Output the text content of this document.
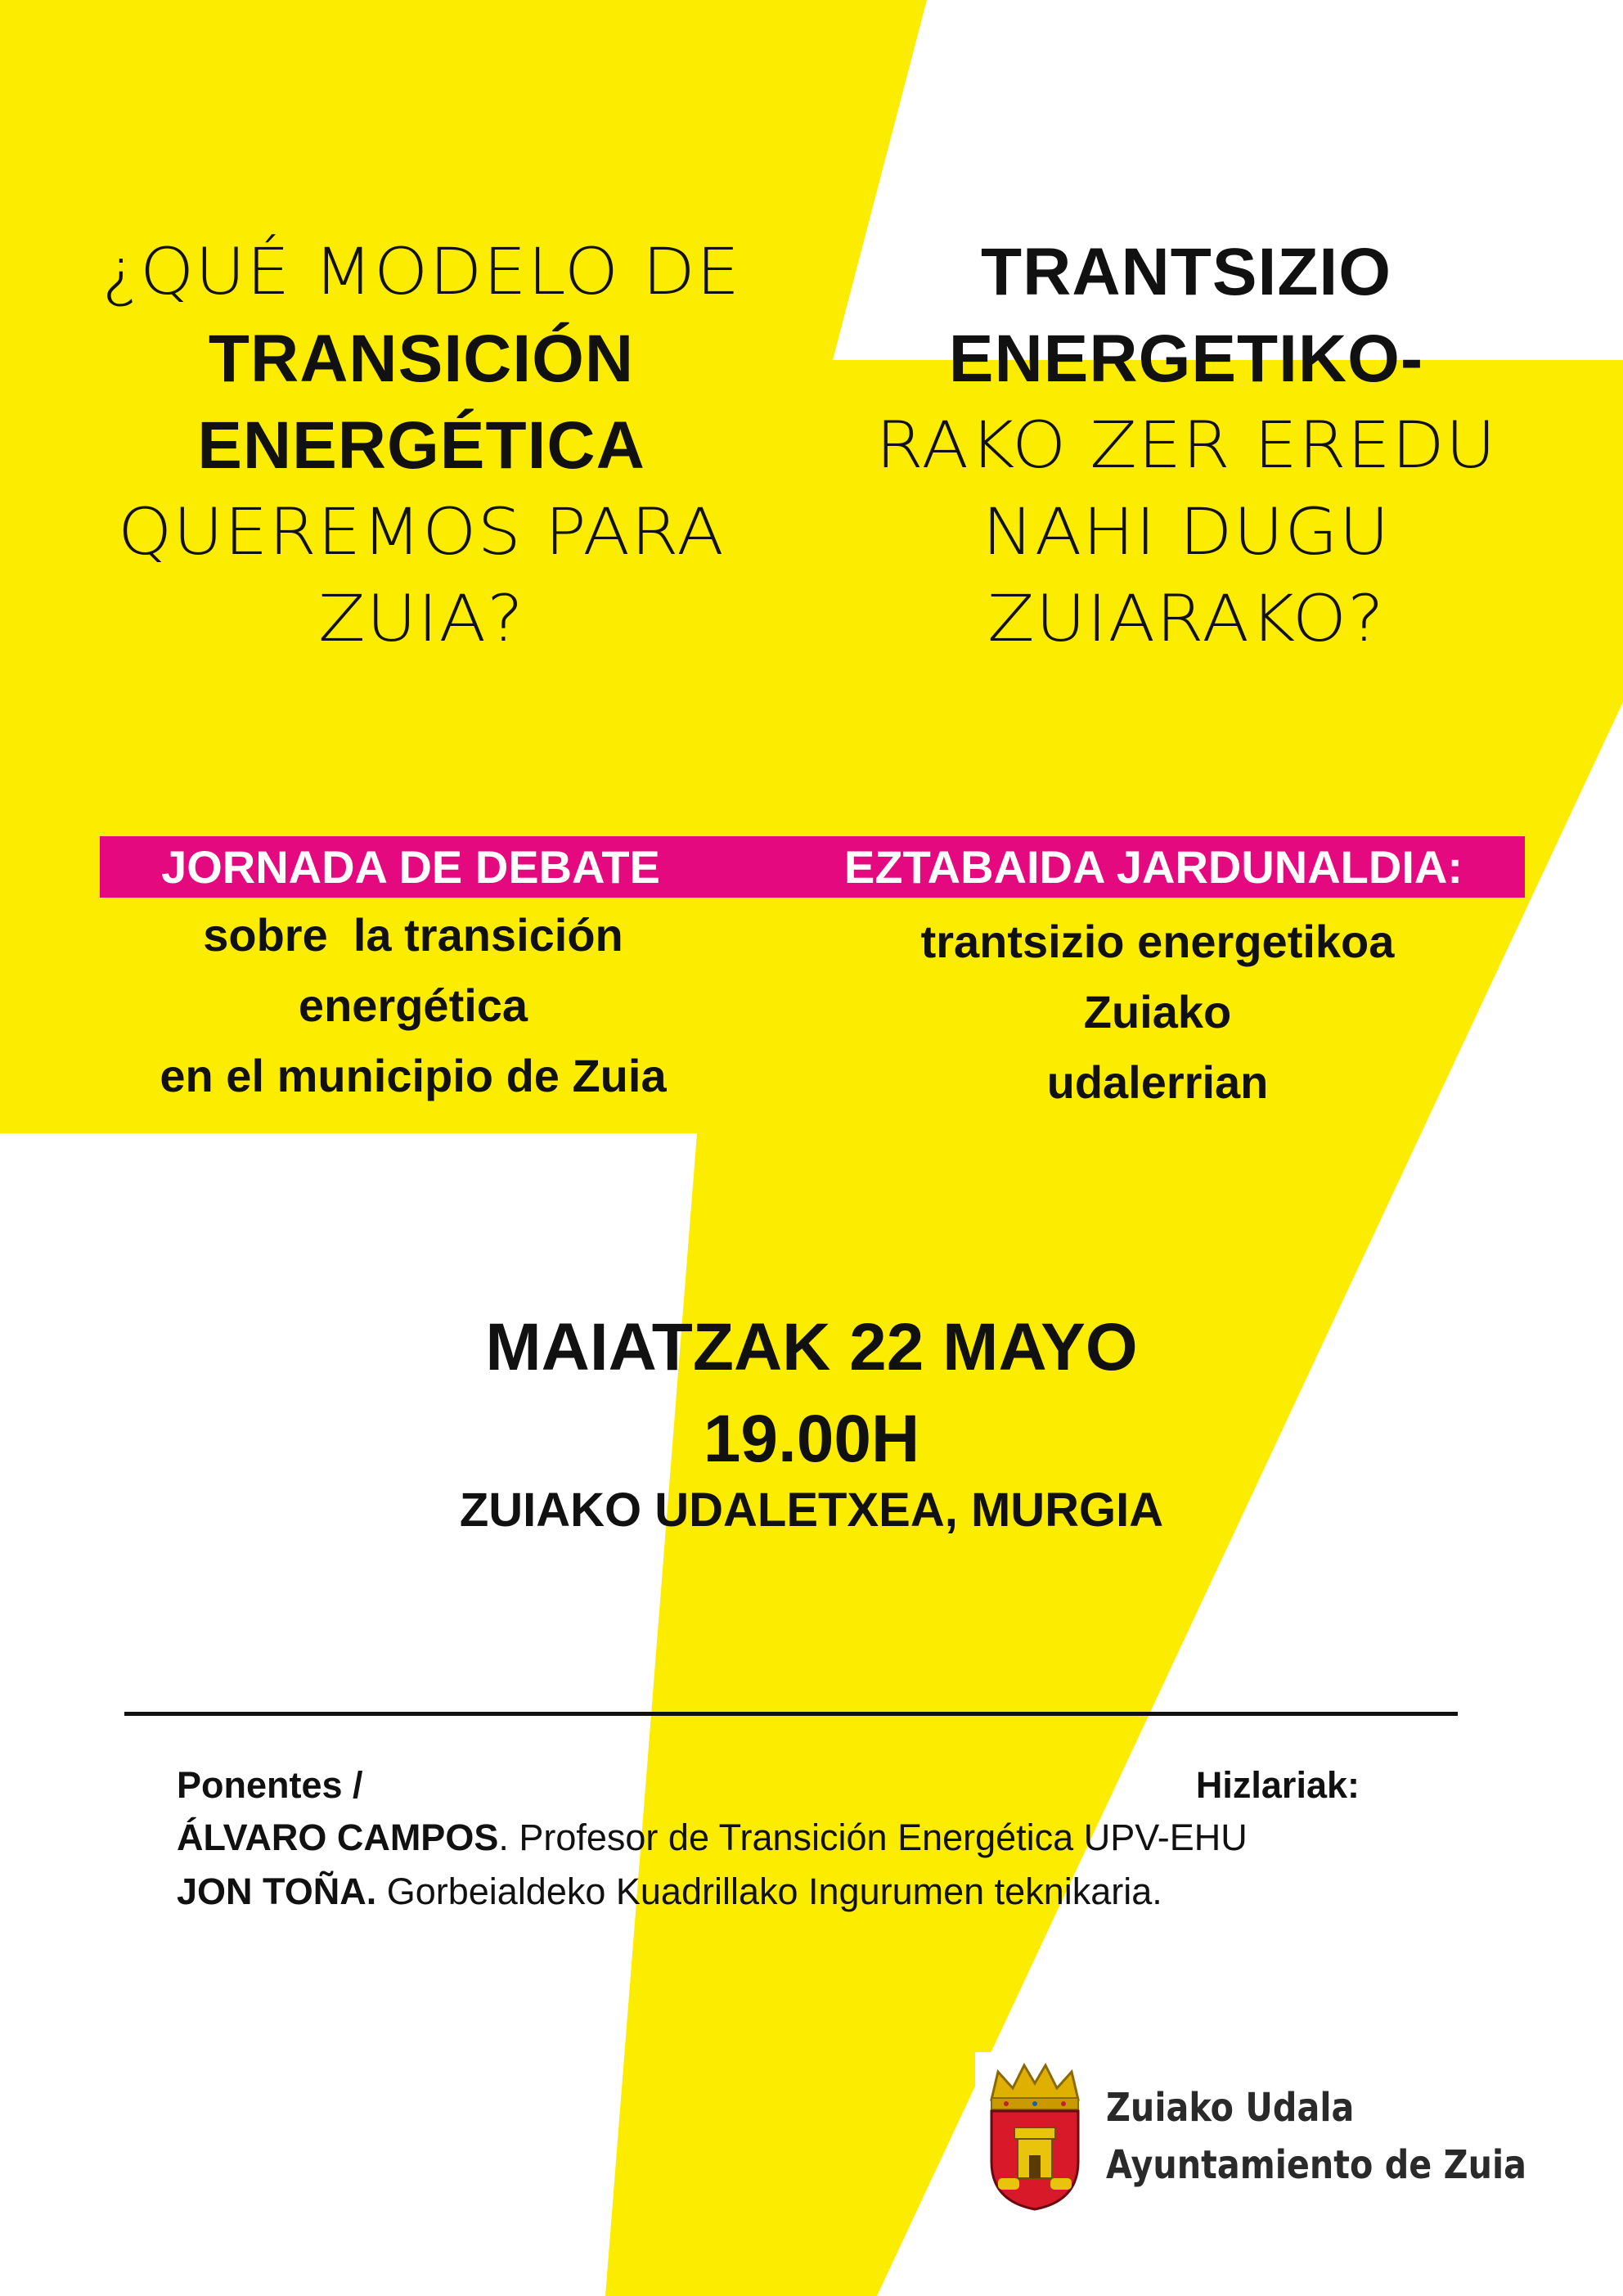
¿QUÉ MODELO DE
TRANSICIÓN
ENERGÉTICA
QUEREMOS PARA
ZUIA?
TRANTSIZIO
ENERGETIKO-
RAKO ZER EREDU
NAHI DUGU
ZUIARAKO?
JORNADA DE DEBATE	EZTABAIDA JARDUNALDIA:
sobre  la transición
energética
en el municipio de Zuia
trantsizio energetikoa
Zuiako
udalerrian
MAIATZAK 22 MAYO
19.00H
ZUIAKO UDALETXEA, MURGIA
Ponentes /	Hizlariak:
ÁLVARO CAMPOS. Profesor de Transición Energética UPV-EHU
JON TOÑA. Gorbeialdeko Kuadrillako Ingurumen teknikaria.
Zuiako Udala
Ayuntamiento de Zuia
